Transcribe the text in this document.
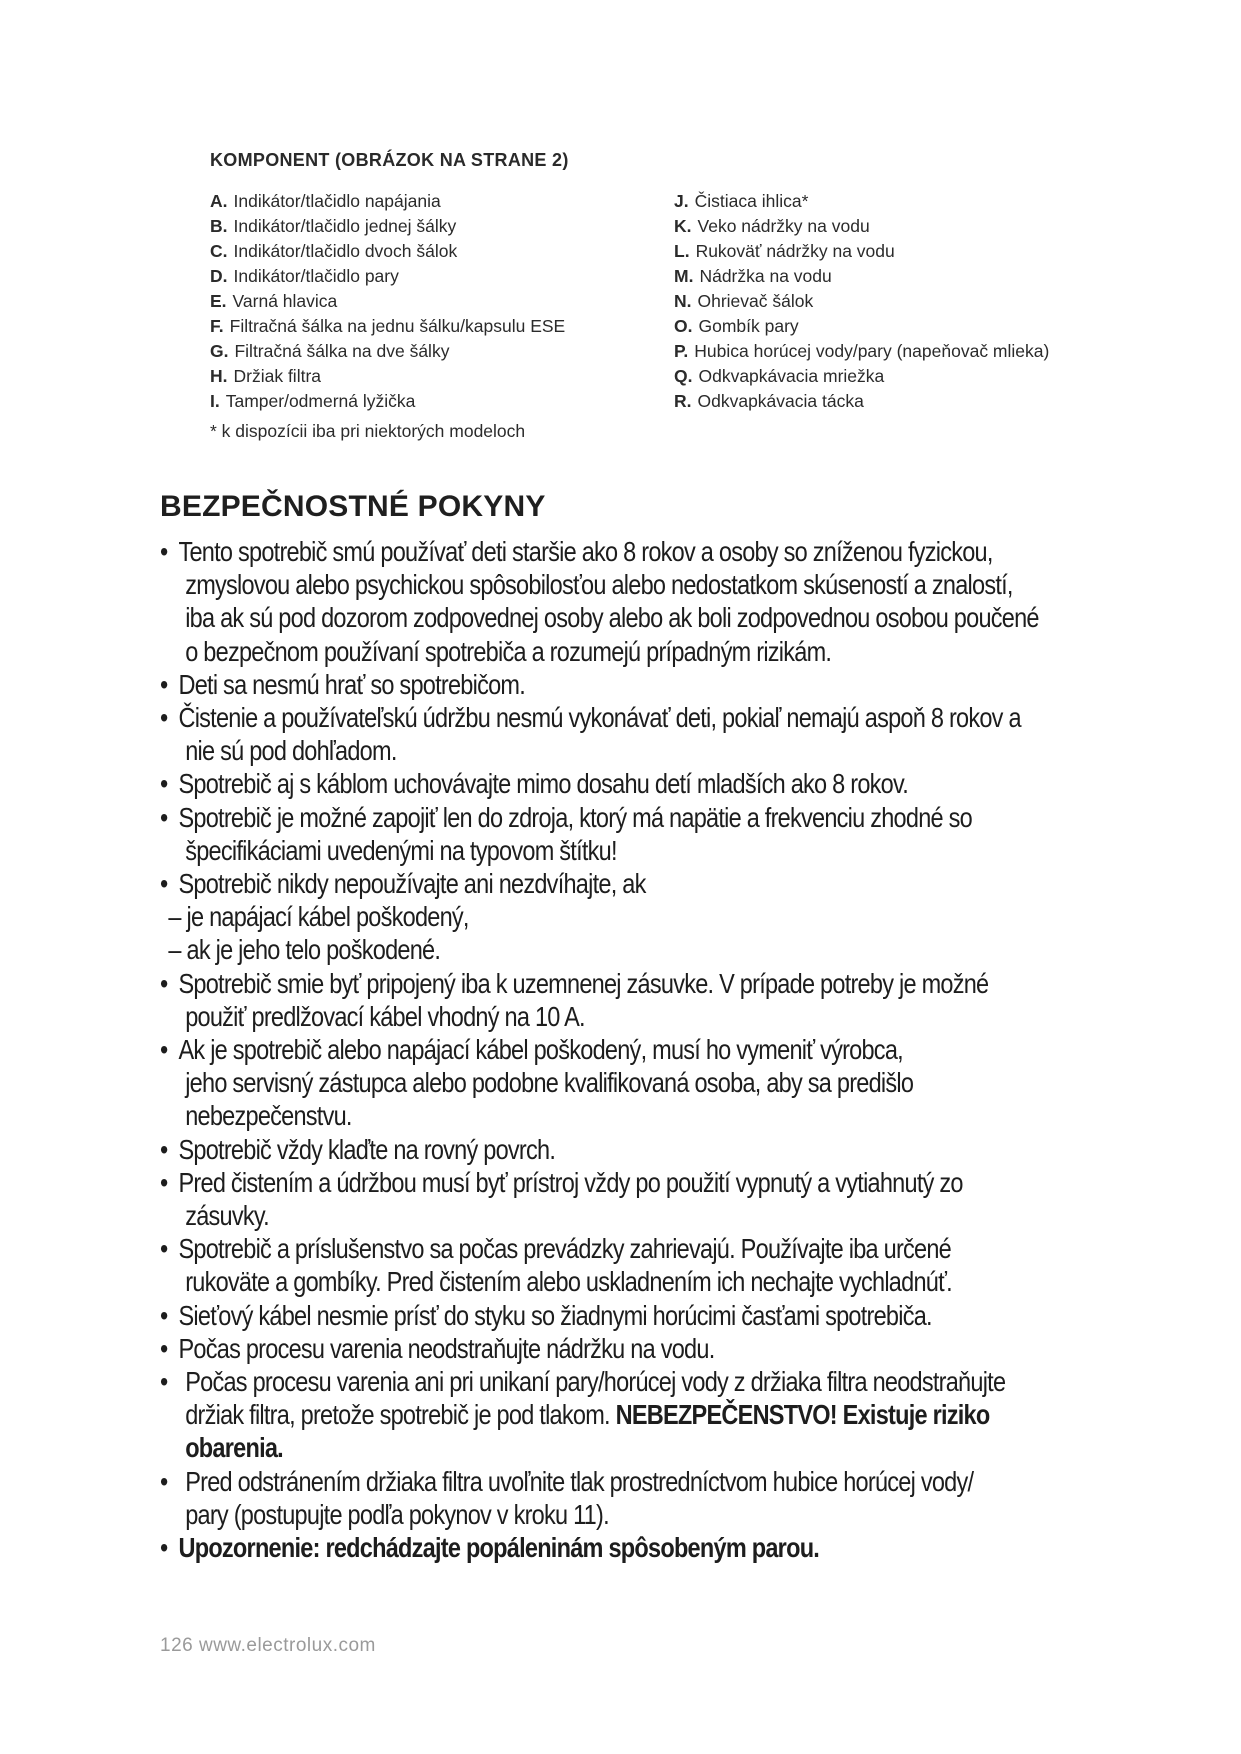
KOMPONENT (OBRÁZOK NA STRANE 2)
A. Indikátor/tlačidlo napájania
B. Indikátor/tlačidlo jednej šálky
C. Indikátor/tlačidlo dvoch šálok
D. Indikátor/tlačidlo pary
E. Varná hlavica
F. Filtračná šálka na jednu šálku/kapsulu ESE
G. Filtračná šálka na dve šálky
H. Držiak filtra
I. Tamper/odmerná lyžička
J. Čistiaca ihlica*
K. Veko nádržky na vodu
L. Rukoväť nádržky na vodu
M. Nádržka na vodu
N. Ohrievač šálok
O. Gombík pary
P. Hubica horúcej vody/pary (napeňovač mlieka)
Q. Odkvapkávacia mriežka
R. Odkvapkávacia tácka
* k dispozícii iba pri niektorých modeloch
BEZPEČNOSTNÉ POKYNY
• Tento spotrebič smú používať deti staršie ako 8 rokov a osoby so zníženou fyzickou,
zmyslovou alebo psychickou spôsobilosťou alebo nedostatkom skúseností a znalostí,
iba ak sú pod dozorom zodpovednej osoby alebo ak boli zodpovednou osobou poučené
o bezpečnom používaní spotrebiča a rozumejú prípadným rizikám.
• Deti sa nesmú hrať so spotrebičom.
• Čistenie a používateľskú údržbu nesmú vykonávať deti, pokiaľ nemajú aspoň 8 rokov a
nie sú pod dohľadom.
• Spotrebič aj s káblom uchovávajte mimo dosahu detí mladších ako 8 rokov.
• Spotrebič je možné zapojiť len do zdroja, ktorý má napätie a frekvenciu zhodné so
špecifikáciami uvedenými na typovom štítku!
• Spotrebič nikdy nepoužívajte ani nezdvíhajte, ak
– je napájací kábel poškodený,
– ak je jeho telo poškodené.
• Spotrebič smie byť pripojený iba k uzemnenej zásuvke. V prípade potreby je možné
použiť predlžovací kábel vhodný na 10 A.
• Ak je spotrebič alebo napájací kábel poškodený, musí ho vymeniť výrobca,
jeho servisný zástupca alebo podobne kvalifikovaná osoba, aby sa predišlo
nebezpečenstvu.
• Spotrebič vždy klaďte na rovný povrch.
• Pred čistením a údržbou musí byť prístroj vždy po použití vypnutý a vytiahnutý zo
zásuvky.
• Spotrebič a príslušenstvo sa počas prevádzky zahrievajú. Používajte iba určené
rukoväte a gombíky. Pred čistením alebo uskladnením ich nechajte vychladnúť.
• Sieťový kábel nesmie prísť do styku so žiadnymi horúcimi časťami spotrebiča.
• Počas procesu varenia neodstraňujte nádržku na vodu.
• Počas procesu varenia ani pri unikaní pary/horúcej vody z držiaka filtra neodstraňujte
držiak filtra, pretože spotrebič je pod tlakom. NEBEZPEČENSTVO! Existuje riziko
obarenia.
• Pred odstránením držiaka filtra uvoľnite tlak prostredníctvom hubice horúcej vody/
pary (postupujte podľa pokynov v kroku 11).
• Upozornenie: redchádzajte popáleninám spôsobeným parou.
126 www.electrolux.com
